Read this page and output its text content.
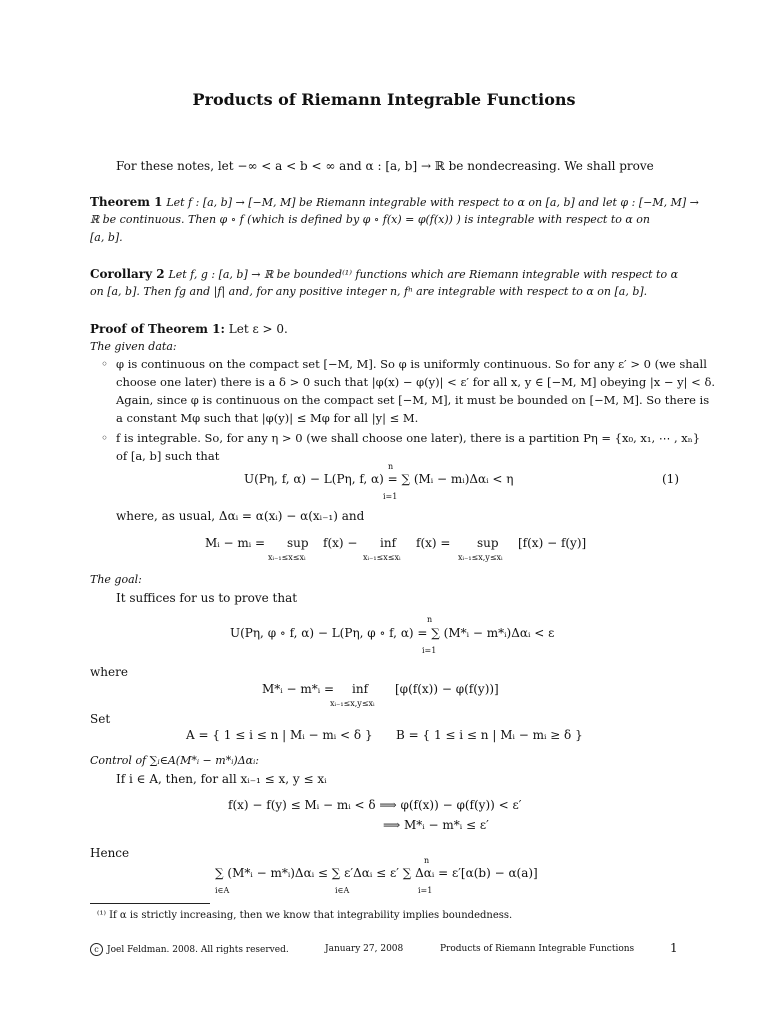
Products of Riemann Integrable Functions
For these notes, let −∞ < a < b < ∞ and α : [a, b] → ℝ be nondecreasing. We shall prove
Theorem 1 Let f : [a, b] → [−M, M] be Riemann integrable with respect to α on [a, b] and let φ : [−M, M] →
ℝ be continuous. Then φ ∘ f (which is defined by φ ∘ f(x) = φ(f(x)) ) is integrable with respect to α on
[a, b].
Corollary 2 Let f, g : [a, b] → ℝ be bounded⁽¹⁾ functions which are Riemann integrable with respect to α
on [a, b]. Then fg and |f| and, for any positive integer n, fⁿ are integrable with respect to α on [a, b].
Proof of Theorem 1: Let ε > 0.
The given data:
◦ φ is continuous on the compact set [−M, M]. So φ is uniformly continuous. So for any ε′ > 0 (we shall
choose one later) there is a δ > 0 such that |φ(x) − φ(y)| < ε′ for all x, y ∈ [−M, M] obeying |x − y| < δ.
Again, since φ is continuous on the compact set [−M, M], it must be bounded on [−M, M]. So there is
a constant Mφ such that |φ(y)| ≤ Mφ for all |y| ≤ M.
◦ f is integrable. So, for any η > 0 (we shall choose one later), there is a partition Pη = {x₀, x₁, ⋯ , xₙ}
of [a, b] such that
n
U(Pη, f, α) − L(Pη, f, α) = ∑ (Mᵢ − mᵢ)Δαᵢ < η
i=1
(1)
where, as usual, Δαᵢ = α(xᵢ) − α(xᵢ₋₁) and
Mᵢ − mᵢ = sup
xᵢ₋₁≤x≤xᵢ
f(x) − inf
xᵢ₋₁≤x≤xᵢ
f(x) = sup
xᵢ₋₁≤x,y≤xᵢ
[f(x) − f(y)]
The goal:
It suffices for us to prove that
n
U(Pη, φ ∘ f, α) − L(Pη, φ ∘ f, α) = ∑ (M*ᵢ − m*ᵢ)Δαᵢ < ε
i=1
where
M*ᵢ − m*ᵢ = inf
xᵢ₋₁≤x,y≤xᵢ
[φ(f(x)) − φ(f(y))]
Set
A = { 1 ≤ i ≤ n | Mᵢ − mᵢ < δ } B = { 1 ≤ i ≤ n | Mᵢ − mᵢ ≥ δ }
Control of ∑ᵢ∈A(M*ᵢ − m*ᵢ)Δαᵢ:
If i ∈ A, then, for all xᵢ₋₁ ≤ x, y ≤ xᵢ
f(x) − f(y) ≤ Mᵢ − mᵢ < δ ⟹ φ(f(x)) − φ(f(y)) < ε′
⟹ M*ᵢ − m*ᵢ ≤ ε′
Hence
n
∑ (M*ᵢ − m*ᵢ)Δαᵢ ≤ ∑ ε′Δαᵢ ≤ ε′ ∑ Δαᵢ = ε′[α(b) − α(a)]
i∈A	i∈A	i=1
⁽¹⁾ If α is strictly increasing, then we know that integrability implies boundedness.
c Joel Feldman. 2008. All rights reserved.	January 27, 2008	Products of Riemann Integrable Functions	1
